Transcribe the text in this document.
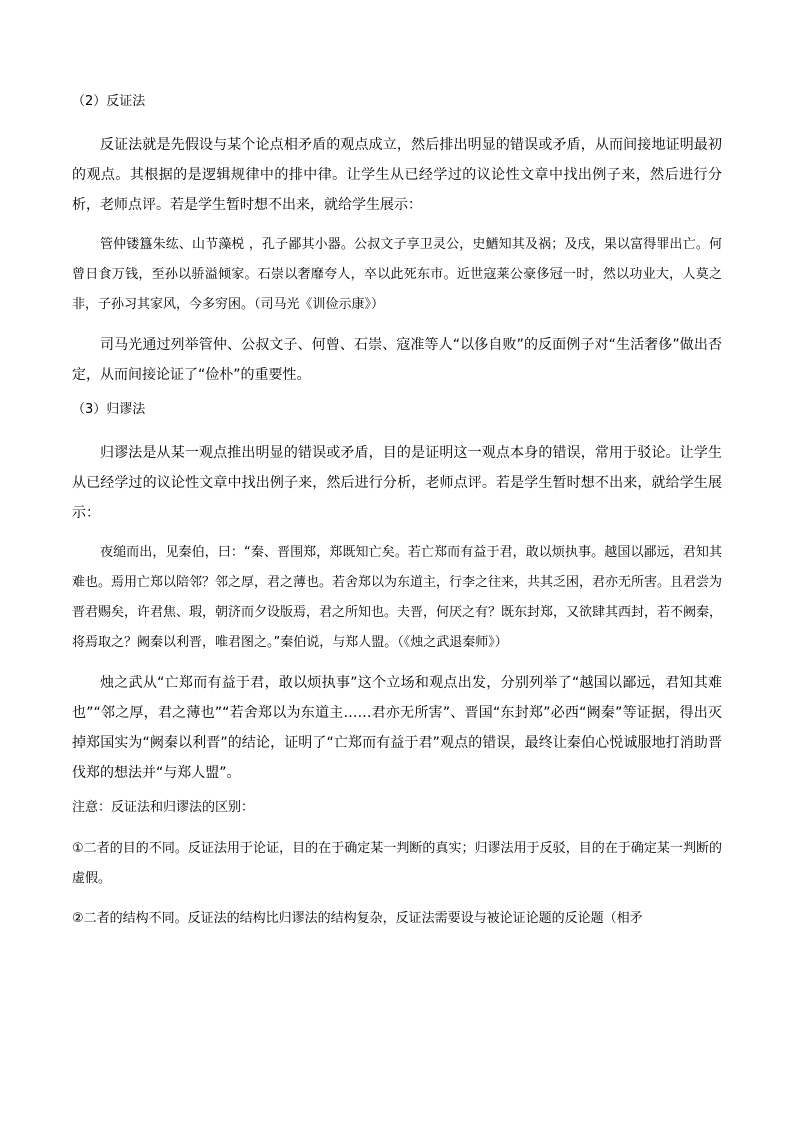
（2）反证法

反证法就是先假设与某个论点相矛盾的观点成立，然后排出明显的错误或矛盾，从而间接地证明最初的观点。其根据的是逻辑规律中的排中律。让学生从已经学过的议论性文章中找出例子来，然后进行分析，老师点评。若是学生暂时想不出来，就给学生展示：

管仲镂簋朱纮、山节藻棁 ，孔子鄙其小器。公叔文子享卫灵公，史鰌知其及祸；及戌，果以富得罪出亡。何曾日食万钱，至孙以骄溢倾家。石崇以奢靡夸人，卒以此死东市。近世寇莱公豪侈冠一时，然以功业大，人莫之非，子孙习其家风，今多穷困。（司马光《训俭示康》）

司马光通过列举管仲、公叔文子、何曾、石崇、寇准等人“以侈自败”的反面例子对“生活奢侈”做出否定，从而间接论证了“俭朴”的重要性。

（3）归谬法

归谬法是从某一观点推出明显的错误或矛盾，目的是证明这一观点本身的错误，常用于驳论。让学生从已经学过的议论性文章中找出例子来，然后进行分析，老师点评。若是学生暂时想不出来，就给学生展示：

夜缒而出，见秦伯，曰：“秦、晋围郑，郑既知亡矣。若亡郑而有益于君，敢以烦执事。越国以鄙远，君知其难也。焉用亡郑以陪邻？邻之厚，君之薄也。若舍郑以为东道主，行李之往来，共其乏困，君亦无所害。且君尝为晋君赐矣，许君焦、瑕，朝济而夕设版焉，君之所知也。夫晋，何厌之有？既东封郑，又欲肆其西封，若不阙秦，将焉取之？阙秦以利晋，唯君图之。”秦伯说，与郑人盟。（《烛之武退秦师》）

烛之武从“亡郑而有益于君，敢以烦执事”这个立场和观点出发，分别列举了“越国以鄙远，君知其难也”“邻之厚，君之薄也”“若舍郑以为东道主……君亦无所害”、晋国“东封郑”必西“阙秦”等证据，得出灭掉郑国实为“阙秦以利晋”的结论，证明了“亡郑而有益于君”观点的错误，最终让秦伯心悦诚服地打消助晋伐郑的想法并“与郑人盟”。

注意：反证法和归谬法的区别：

①二者的目的不同。反证法用于论证，目的在于确定某一判断的真实；归谬法用于反驳，目的在于确定某一判断的虚假。

②二者的结构不同。反证法的结构比归谬法的结构复杂，反证法需要设与被论证论题的反论题（相矛
